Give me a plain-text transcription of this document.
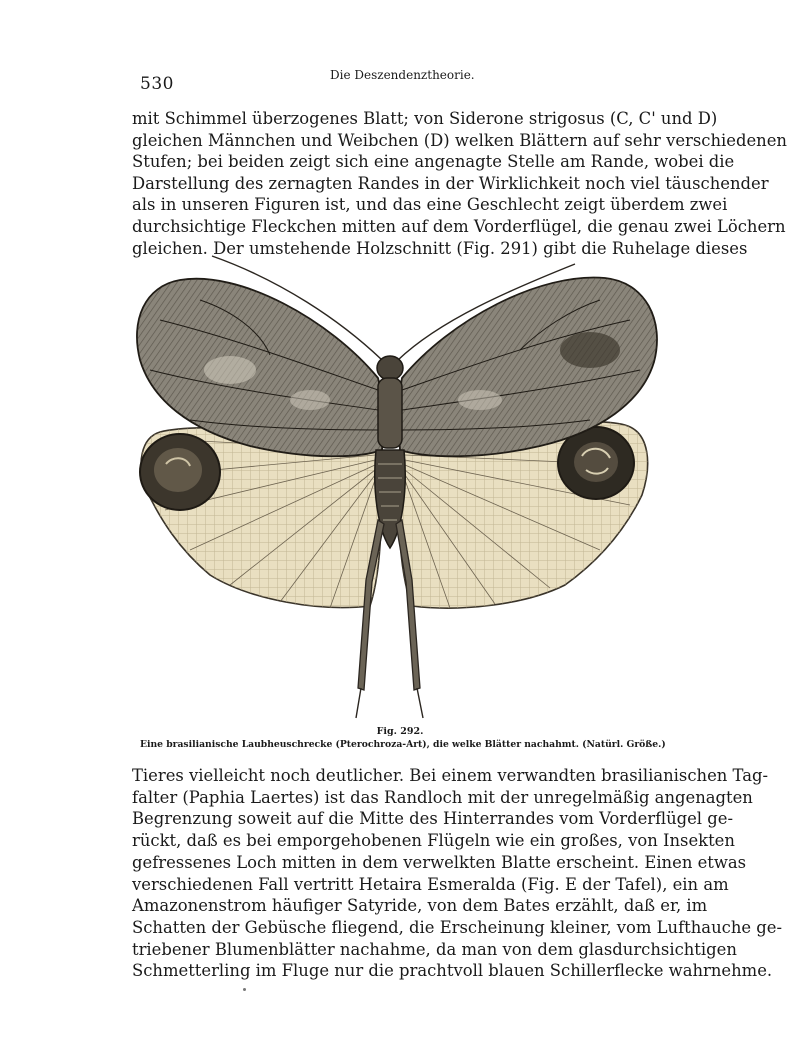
530	Die Deszendenztheorie.
mit Schimmel überzogenes Blatt; von Siderone strigosus (C, C' und D)
gleichen Männchen und Weibchen (D) welken Blättern auf sehr verschiedenen
Stufen; bei beiden zeigt sich eine angenagte Stelle am Rande, wobei die
Darstellung des zernagten Randes in der Wirklichkeit noch viel täuschender
als in unseren Figuren ist, und das eine Geschlecht zeigt überdem zwei
durchsichtige Fleckchen mitten auf dem Vorderflügel, die genau zwei Löchern
gleichen. Der umstehende Holzschnitt (Fig. 291) gibt die Ruhelage dieses
Fig. 292.
Eine brasilianische Laubheuschrecke (Pterochroza-Art), die welke Blätter nachahmt. (Natürl. Größe.)
Tieres vielleicht noch deutlicher. Bei einem verwandten brasilianischen Tag-
falter (Paphia Laertes) ist das Randloch mit der unregelmäßig angenagten
Begrenzung soweit auf die Mitte des Hinterrandes vom Vorderflügel ge-
rückt, daß es bei emporgehobenen Flügeln wie ein großes, von Insekten
gefressenes Loch mitten in dem verwelkten Blatte erscheint. Einen etwas
verschiedenen Fall vertritt Hetaira Esmeralda (Fig. E der Tafel), ein am
Amazonenstrom häufiger Satyride, von dem Bates erzählt, daß er, im
Schatten der Gebüsche fliegend, die Erscheinung kleiner, vom Lufthauche ge-
triebener Blumenblätter nachahme, da man von dem glasdurchsichtigen
Schmetterling im Fluge nur die prachtvoll blauen Schillerflecke wahrnehme.
